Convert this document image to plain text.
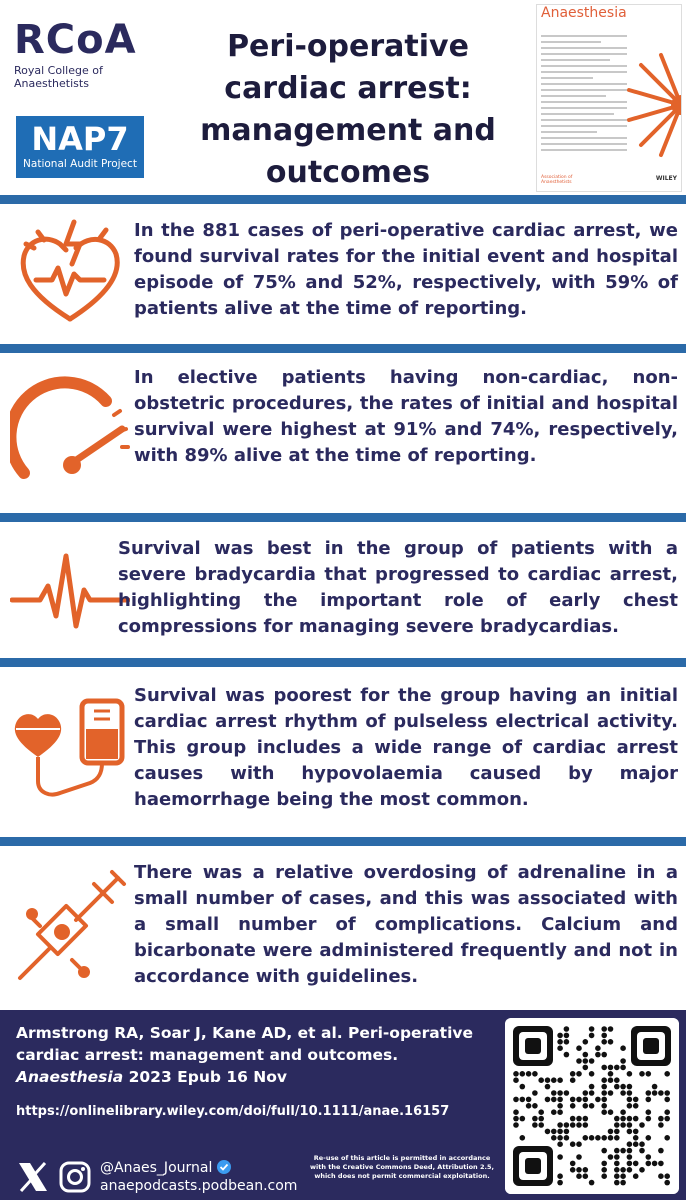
RCoA
Royal College of Anaesthetists
NAP7
National Audit Project
Peri-operative cardiac arrest: management and outcomes
Anaesthesia
Association of Anaesthetists
WILEY
In the 881 cases of peri-operative cardiac arrest, we found survival rates for the initial event and hospital episode of 75% and 52%, respectively, with 59% of patients alive at the time of reporting.
In elective patients having non-cardiac, non-obstetric procedures, the rates of initial and hospital survival were highest at 91% and 74%, respectively, with 89% alive at the time of reporting.
Survival was best in the group of patients with a severe bradycardia that progressed to cardiac arrest, highlighting the important role of early chest compressions for managing severe bradycardias.
Survival was poorest for the group having an initial cardiac arrest rhythm of pulseless electrical activity. This group includes a wide range of cardiac arrest causes with hypovolaemia caused by major haemorrhage being the most common.
There was a relative overdosing of adrenaline in a small number of cases, and this was associated with a small number of complications. Calcium and bicarbonate were administered frequently and not in accordance with guidelines.
Armstrong RA, Soar J, Kane AD, et al. Peri-operative cardiac arrest: management and outcomes. Anaesthesia 2023 Epub 16 Nov
https://onlinelibrary.wiley.com/doi/full/10.1111/anae.16157
@Anaes_Journal
anaepodcasts.podbean.com
Re-use of this article is permitted in accordance with the Creative Commons Deed, Attribution 2.5, which does not permit commercial exploitation.
